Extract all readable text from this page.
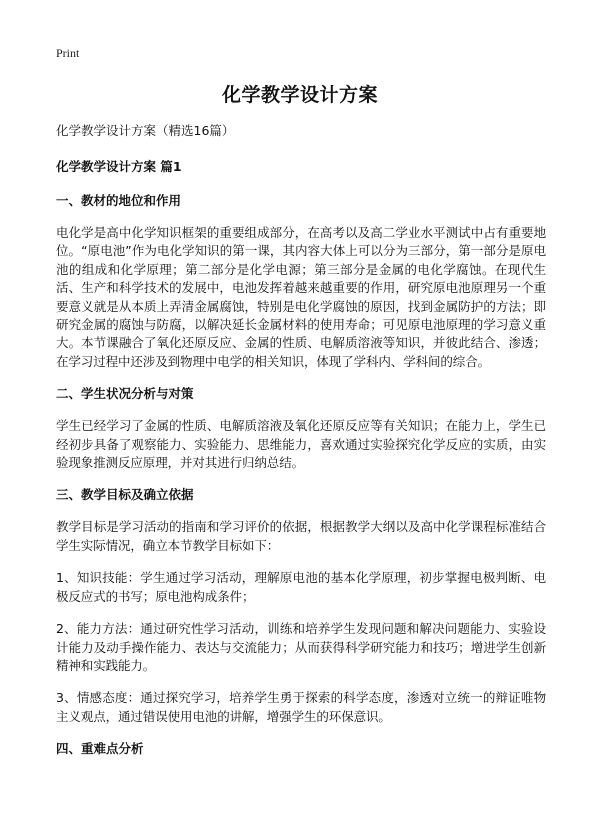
Print
化学教学设计方案
化学教学设计方案（精选16篇）
化学教学设计方案 篇1
一、教材的地位和作用
电化学是高中化学知识框架的重要组成部分，在高考以及高二学业水平测试中占有重要地位。“原电池”作为电化学知识的第一课，其内容大体上可以分为三部分，第一部分是原电池的组成和化学原理；第二部分是化学电源；第三部分是金属的电化学腐蚀。在现代生活、生产和科学技术的发展中，电池发挥着越来越重要的作用，研究原电池原理另一个重要意义就是从本质上弄清金属腐蚀，特别是电化学腐蚀的原因，找到金属防护的方法；即研究金属的腐蚀与防腐，以解决延长金属材料的使用寿命；可见原电池原理的学习意义重大。本节课融合了氧化还原反应、金属的性质、电解质溶液等知识，并彼此结合、渗透；在学习过程中还涉及到物理中电学的相关知识，体现了学科内、学科间的综合。
二、学生状况分析与对策
学生已经学习了金属的性质、电解质溶液及氧化还原反应等有关知识；在能力上，学生已经初步具备了观察能力、实验能力、思维能力，喜欢通过实验探究化学反应的实质，由实验现象推测反应原理，并对其进行归纳总结。
三、教学目标及确立依据
教学目标是学习活动的指南和学习评价的依据，根据教学大纲以及高中化学课程标准结合学生实际情况，确立本节教学目标如下：
1、知识技能：学生通过学习活动，理解原电池的基本化学原理，初步掌握电极判断、电极反应式的书写；原电池构成条件；
2、能力方法：通过研究性学习活动，训练和培养学生发现问题和解决问题能力、实验设计能力及动手操作能力、表达与交流能力；从而获得科学研究能力和技巧；增进学生创新精神和实践能力。
3、情感态度：通过探究学习，培养学生勇于探索的科学态度，渗透对立统一的辩证唯物主义观点，通过错误使用电池的讲解，增强学生的环保意识。
四、重难点分析
